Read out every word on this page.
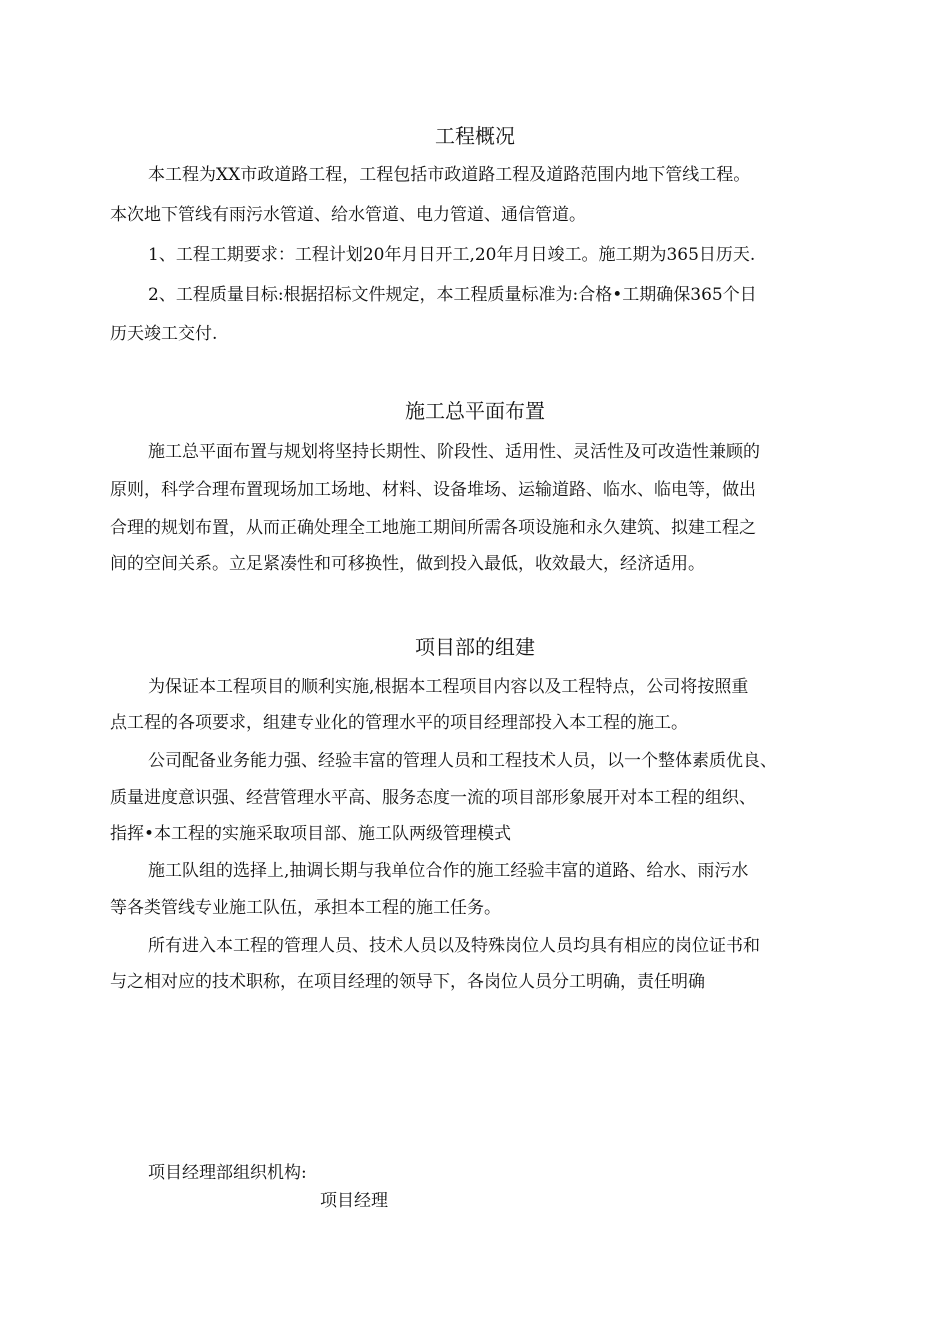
工程概况

本工程为XX市政道路工程，工程包括市政道路工程及道路范围内地下管线工程。

本次地下管线有雨污水管道、给水管道、电力管道、通信管道。

1、工程工期要求：工程计划20年月日开工,20年月日竣工。施工期为365日历天.

2、工程质量目标:根据招标文件规定，本工程质量标准为:合格•工期确保365个日

历天竣工交付.

施工总平面布置

施工总平面布置与规划将坚持长期性、阶段性、适用性、灵活性及可改造性兼顾的

原则，科学合理布置现场加工场地、材料、设备堆场、运输道路、临水、临电等，做出

合理的规划布置，从而正确处理全工地施工期间所需各项设施和永久建筑、拟建工程之

间的空间关系。立足紧凑性和可移换性，做到投入最低，收效最大，经济适用。

项目部的组建

为保证本工程项目的顺利实施,根据本工程项目内容以及工程特点，公司将按照重

点工程的各项要求，组建专业化的管理水平的项目经理部投入本工程的施工。

公司配备业务能力强、经验丰富的管理人员和工程技术人员，以一个整体素质优良、

质量进度意识强、经营管理水平高、服务态度一流的项目部形象展开对本工程的组织、

指挥•本工程的实施采取项目部、施工队两级管理模式

施工队组的选择上,抽调长期与我单位合作的施工经验丰富的道路、给水、雨污水

等各类管线专业施工队伍，承担本工程的施工任务。

所有进入本工程的管理人员、技术人员以及特殊岗位人员均具有相应的岗位证书和

与之相对应的技术职称，在项目经理的领导下，各岗位人员分工明确，责任明确

项目经理部组织机构:

项目经理
